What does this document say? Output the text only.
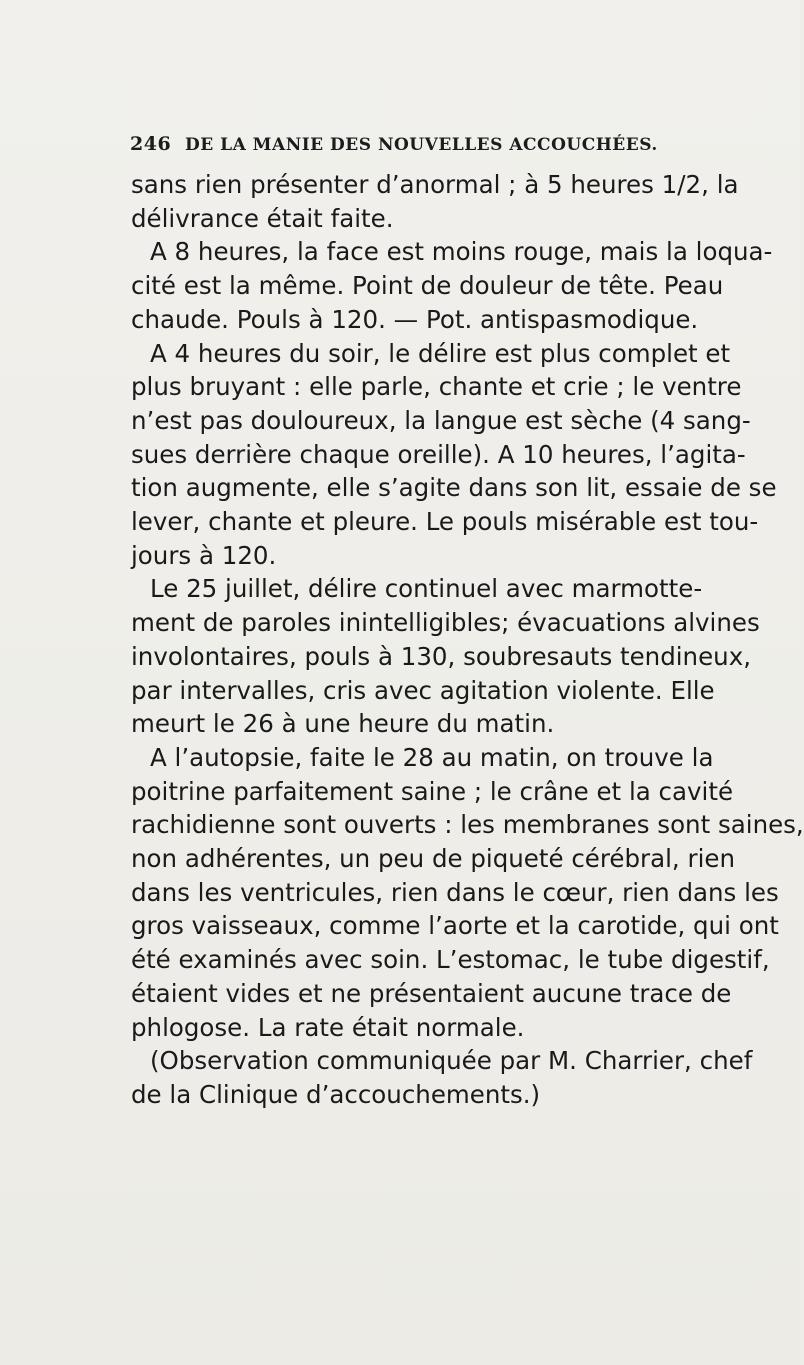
246 DE LA MANIE DES NOUVELLES ACCOUCHÉES.
sans rien présenter d’anormal ; à 5 heures 1/2, la
délivrance était faite.
A 8 heures, la face est moins rouge, mais la loqua-
cité est la même. Point de douleur de tête. Peau
chaude. Pouls à 120. — Pot. antispasmodique.
A 4 heures du soir, le délire est plus complet et
plus bruyant : elle parle, chante et crie ; le ventre
n’est pas douloureux, la langue est sèche (4 sang-
sues derrière chaque oreille). A 10 heures, l’agita-
tion augmente, elle s’agite dans son lit, essaie de se
lever, chante et pleure. Le pouls misérable est tou-
jours à 120.
Le 25 juillet, délire continuel avec marmotte-
ment de paroles inintelligibles; évacuations alvines
involontaires, pouls à 130, soubresauts tendineux,
par intervalles, cris avec agitation violente. Elle
meurt le 26 à une heure du matin.
A l’autopsie, faite le 28 au matin, on trouve la
poitrine parfaitement saine ; le crâne et la cavité
rachidienne sont ouverts : les membranes sont saines,
non adhérentes, un peu de piqueté cérébral, rien
dans les ventricules, rien dans le cœur, rien dans les
gros vaisseaux, comme l’aorte et la carotide, qui ont
été examinés avec soin. L’estomac, le tube digestif,
étaient vides et ne présentaient aucune trace de
phlogose. La rate était normale.
(Observation communiquée par M. Charrier, chef
de la Clinique d’accouchements.)
